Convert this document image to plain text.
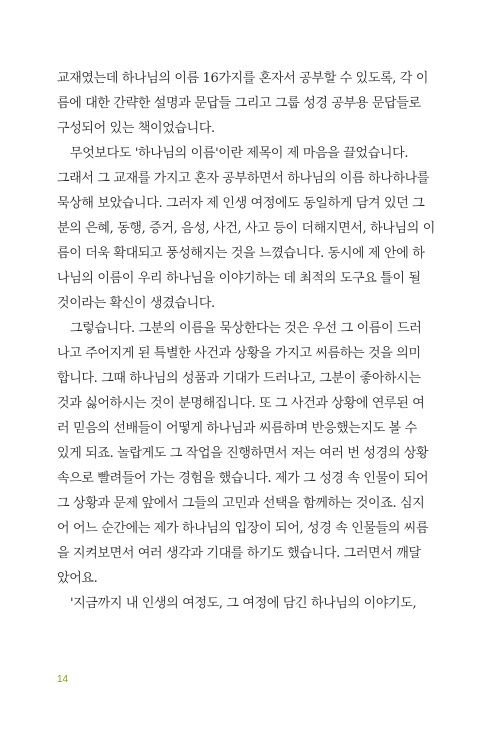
교재였는데 하나님의 이름 16가지를 혼자서 공부할 수 있도록, 각 이
름에 대한 간략한 설명과 문답들 그리고 그룹 성경 공부용 문답들로
구성되어 있는 책이었습니다.
무엇보다도 '하나님의 이름'이란 제목이 제 마음을 끌었습니다.
그래서 그 교재를 가지고 혼자 공부하면서 하나님의 이름 하나하나를
묵상해 보았습니다. 그러자 제 인생 여정에도 동일하게 담겨 있던 그
분의 은혜, 동행, 증거, 음성, 사건, 사고 등이 더해지면서, 하나님의 이
름이 더욱 확대되고 풍성해지는 것을 느꼈습니다. 동시에 제 안에 하
나님의 이름이 우리 하나님을 이야기하는 데 최적의 도구요 틀이 될
것이라는 확신이 생겼습니다.
그렇습니다. 그분의 이름을 묵상한다는 것은 우선 그 이름이 드러
나고 주어지게 된 특별한 사건과 상황을 가지고 씨름하는 것을 의미
합니다. 그때 하나님의 성품과 기대가 드러나고, 그분이 좋아하시는
것과 싫어하시는 것이 분명해집니다. 또 그 사건과 상황에 연루된 여
러 믿음의 선배들이 어떻게 하나님과 씨름하며 반응했는지도 볼 수
있게 되죠. 놀랍게도 그 작업을 진행하면서 저는 여러 번 성경의 상황
속으로 빨려들어 가는 경험을 했습니다. 제가 그 성경 속 인물이 되어
그 상황과 문제 앞에서 그들의 고민과 선택을 함께하는 것이죠. 심지
어 어느 순간에는 제가 하나님의 입장이 되어, 성경 속 인물들의 씨름
을 지켜보면서 여러 생각과 기대를 하기도 했습니다. 그러면서 깨달
았어요.
'지금까지 내 인생의 여정도, 그 여정에 담긴 하나님의 이야기도,
14
